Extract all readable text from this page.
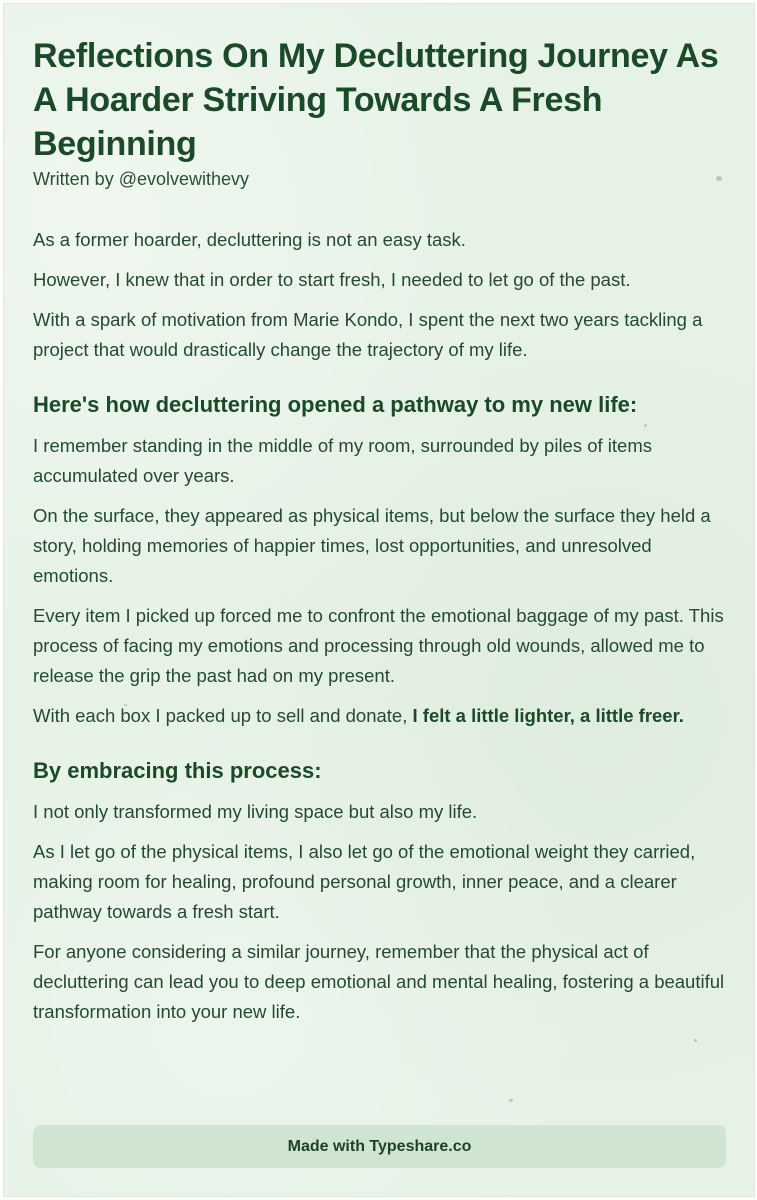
Reflections On My Decluttering Journey As A Hoarder Striving Towards A Fresh Beginning

Written by @evolvewithevy

As a former hoarder, decluttering is not an easy task.

However, I knew that in order to start fresh, I needed to let go of the past.

With a spark of motivation from Marie Kondo, I spent the next two years tackling a project that would drastically change the trajectory of my life.

Here's how decluttering opened a pathway to my new life:

I remember standing in the middle of my room, surrounded by piles of items accumulated over years.

On the surface, they appeared as physical items, but below the surface they held a story, holding memories of happier times, lost opportunities, and unresolved emotions.

Every item I picked up forced me to confront the emotional baggage of my past. This process of facing my emotions and processing through old wounds, allowed me to release the grip the past had on my present.

With each box I packed up to sell and donate, I felt a little lighter, a little freer.

By embracing this process:

I not only transformed my living space but also my life.

As I let go of the physical items, I also let go of the emotional weight they carried, making room for healing, profound personal growth, inner peace, and a clearer pathway towards a fresh start.

For anyone considering a similar journey, remember that the physical act of decluttering can lead you to deep emotional and mental healing, fostering a beautiful transformation into your new life.

Made with Typeshare.co
